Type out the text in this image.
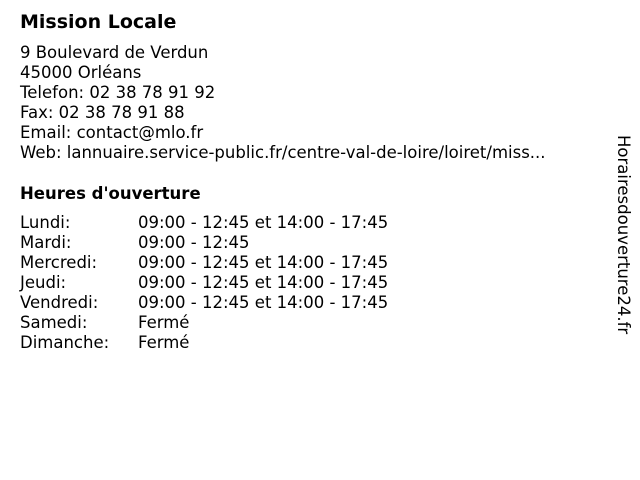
Mission Locale
9 Boulevard de Verdun
45000 Orléans
Telefon: 02 38 78 91 92
Fax: 02 38 78 91 88
Email: contact@mlo.fr
Web: lannuaire.service-public.fr/centre-val-de-loire/loiret/miss...
Heures d'ouverture
Lundi:	09:00 - 12:45 et 14:00 - 17:45
Mardi:	09:00 - 12:45
Mercredi: 09:00 - 12:45 et 14:00 - 17:45
Jeudi:	09:00 - 12:45 et 14:00 - 17:45
Vendredi: 09:00 - 12:45 et 14:00 - 17:45
Samedi:	Fermé
Dimanche: Fermé
Horairesdouverture24.fr
